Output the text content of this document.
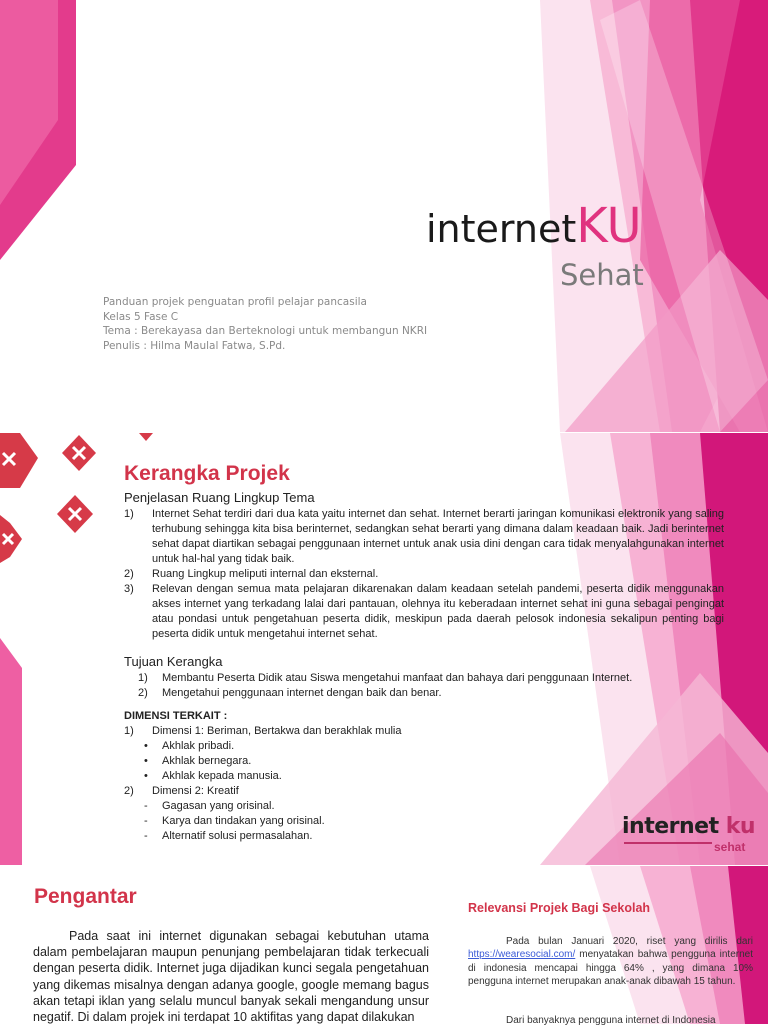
internetKU
Sehat
Panduan projek penguatan profil pelajar pancasila
Kelas 5 Fase C
Tema : Berekayasa dan Berteknologi untuk membangun NKRI
Penulis : Hilma Maulal Fatwa, S.Pd.
Kerangka Projek
Penjelasan Ruang Lingkup Tema
1) Internet Sehat terdiri dari dua kata yaitu internet dan sehat. Internet berarti jaringan komunikasi elektronik yang saling terhubung sehingga kita bisa berinternet, sedangkan sehat berarti yang dimana dalam keadaan baik. Jadi berinternet sehat dapat diartikan sebagai penggunaan internet untuk anak usia dini dengan cara tidak menyalahgunakan internet untuk hal-hal yang tidak baik.
2) Ruang Lingkup meliputi internal dan eksternal.
3) Relevan dengan semua mata pelajaran dikarenakan dalam keadaan setelah pandemi, peserta didik menggunakan akses internet yang terkadang lalai dari pantauan, olehnya itu keberadaan internet sehat ini guna sebagai pengingat atau pondasi untuk pengetahuan peserta didik, meskipun pada daerah pelosok indonesia sekalipun penting bagi peserta didik untuk mengetahui internet sehat.
Tujuan Kerangka
1) Membantu Peserta Didik atau Siswa mengetahui manfaat dan bahaya dari penggunaan Internet.
2) Mengetahui penggunaan internet dengan baik dan benar.
DIMENSI TERKAIT :
1) Dimensi 1: Beriman, Bertakwa dan berakhlak mulia
• Akhlak pribadi.
• Akhlak bernegara.
• Akhlak kepada manusia.
2) Dimensi 2: Kreatif
- Gagasan yang orisinal.
- Karya dan tindakan yang orisinal.
- Alternatif solusi permasalahan.	internet ku
sehat
Pengantar

Pada saat ini internet digunakan sebagai kebutuhan utama dalam pembelajaran maupun penunjang pembelajaran tidak terkecuali dengan peserta didik. Internet juga dijadikan kunci segala pengetahuan yang dikemas misalnya dengan adanya google, google memang bagus akan tetapi iklan yang selalu muncul banyak sekali mengandung unsur negatif. Di dalam projek ini terdapat 10 aktifitas yang dapat dilakukan

Relevansi Projek Bagi Sekolah

Pada bulan Januari 2020, riset yang dirilis dari https://wearesocial.com/ menyatakan bahwa pengguna internet di indonesia mencapai hingga 64% , yang dimana 10% pengguna internet merupakan anak-anak dibawah 15 tahun.

Dari banyaknya pengguna internet di Indonesia
